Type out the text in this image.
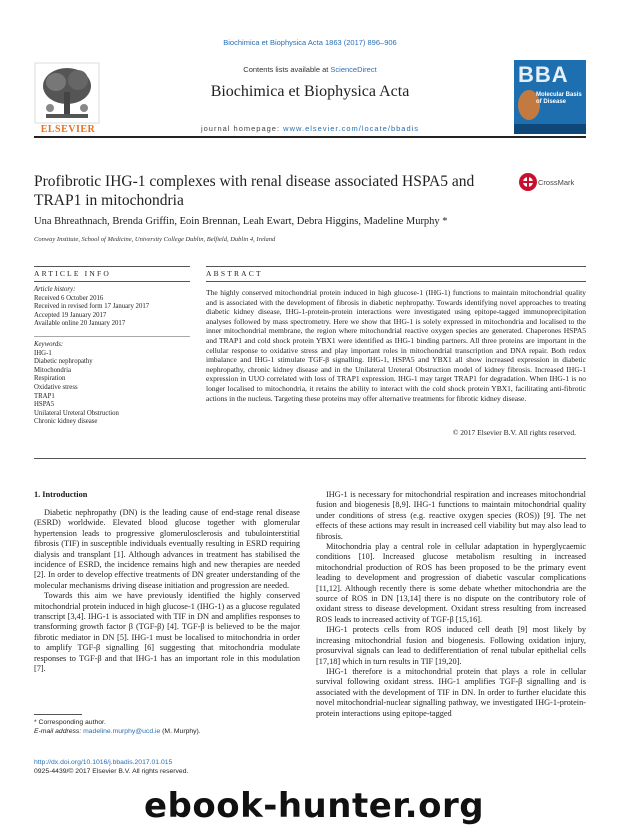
Biochimica et Biophysica Acta 1863 (2017) 896–906
ELSEVIER
Contents lists available at ScienceDirect
Biochimica et Biophysica Acta
journal homepage: www.elsevier.com/locate/bbadis
BBA
Molecular Basis of Disease
Profibrotic IHG-1 complexes with renal disease associated HSPA5 and TRAP1 in mitochondria
CrossMark
Una Bhreathnach, Brenda Griffin, Eoin Brennan, Leah Ewart, Debra Higgins, Madeline Murphy *
Conway Institute, School of Medicine, University College Dublin, Belfield, Dublin 4, Ireland
ARTICLE INFO	ABSTRACT
Article history:
Received 6 October 2016
Received in revised form 17 January 2017
Accepted 19 January 2017
Available online 20 January 2017
Keywords:
IHG-1
Diabetic nephropathy
Mitochondria
Respiration
Oxidative stress
TRAP1
HSPA5
Unilateral Ureteral Obstruction
Chronic kidney disease
The highly conserved mitochondrial protein induced in high glucose-1 (IHG-1) functions to maintain mitochondrial quality and is associated with the development of fibrosis in diabetic nephropathy. Towards identifying novel approaches to treating diabetic kidney disease, IHG-1-protein-protein interactions were investigated using epitope-tagged immunoprecipitation analyses followed by mass spectrometry. Here we show that IHG-1 is solely expressed in mitochondria and localised to the inner mitochondrial membrane, the region where mitochondrial reactive oxygen species are generated. Chaperones HSPA5 and TRAP1 and cold shock protein YBX1 were identified as IHG-1 binding partners. All three proteins are important in the cellular response to oxidative stress and play important roles in mitochondrial transcription and DNA repair. Both redox imbalance and IHG-1 stimulate TGF-β signalling. IHG-1, HSPA5 and YBX1 all show increased expression in diabetic nephropathy, chronic kidney disease and in the Unilateral Ureteral Obstruction model of kidney fibrosis. Increased IHG-1 expression in UUO correlated with loss of TRAP1 expression. IHG-1 may target TRAP1 for degradation. When IHG-1 is no longer localised to mitochondria, it retains the ability to interact with the cold shock protein YBX1, facilitating anti-fibrotic actions in the nucleus. Targeting these proteins may offer alternative treatments for fibrotic kidney disease.
© 2017 Elsevier B.V. All rights reserved.
1. Introduction

Diabetic nephropathy (DN) is the leading cause of end-stage renal disease (ESRD) worldwide. Elevated blood glucose together with glomerular hypertension leads to progressive glomerulosclerosis and tubulointerstitial fibrosis (TIF) in susceptible individuals eventually resulting in ESRD requiring dialysis and transplant [1]. Although advances in treatment has stabilised the incidence of ESRD, the incidence remains high and new therapies are needed [2]. In order to develop effective treatments of DN greater understanding of the molecular mechanisms driving disease initiation and progression are needed.

Towards this aim we have previously identified the highly conserved mitochondrial protein induced in high glucose-1 (IHG-1) as a glucose regulated transcript [3,4]. IHG-1 is associated with TIF in DN and amplifies responses to transforming growth factor β (TGF-β) [4]. TGF-β is believed to be the major fibrotic mediator in DN [5]. IHG-1 must be localised to mitochondria in order to amplify TGF-β signalling [6] suggesting that mitochondria modulate responses to TGF-β and that IHG-1 has an important role in this modulation [7].

IHG-1 is necessary for mitochondrial respiration and increases mitochondrial fusion and biogenesis [8,9]. IHG-1 functions to maintain mitochondrial quality under conditions of stress (e.g. reactive oxygen species (ROS)) [9]. The net effects of these actions may result in increased cell viability but may also lead to fibrosis.

Mitochondria play a central role in cellular adaptation in hyperglycaemic conditions [10]. Increased glucose metabolism resulting in increased mitochondrial production of ROS has been proposed to be the primary event leading to development and progression of diabetic vascular complications [11,12]. Although recently there is some debate whether mitochondria are the source of ROS in DN [13,14] there is no dispute on the contributory role of oxidant stress to disease development. Oxidant stress resulting from increased ROS leads to increased activity of TGF-β [15,16].

IHG-1 protects cells from ROS induced cell death [9] most likely by increasing mitochondrial fusion and biogenesis. Following oxidation injury, prosurvival signals can lead to dedifferentiation of renal tubular epithelial cells [17,18] which in turn results in TIF [19,20].

IHG-1 therefore is a mitochondrial protein that plays a role in cellular survival following oxidant stress. IHG-1 amplifies TGF-β signalling and is associated with the development of TIF in DN. In order to further elucidate this novel mitochondrial-nuclear signalling pathway, we investigated IHG-1-protein-protein interactions using epitope-tagged

* Corresponding author.
E-mail address: madeline.murphy@ucd.ie (M. Murphy).
http://dx.doi.org/10.1016/j.bbadis.2017.01.015
0925-4439/© 2017 Elsevier B.V. All rights reserved.
ebook-hunter.org
